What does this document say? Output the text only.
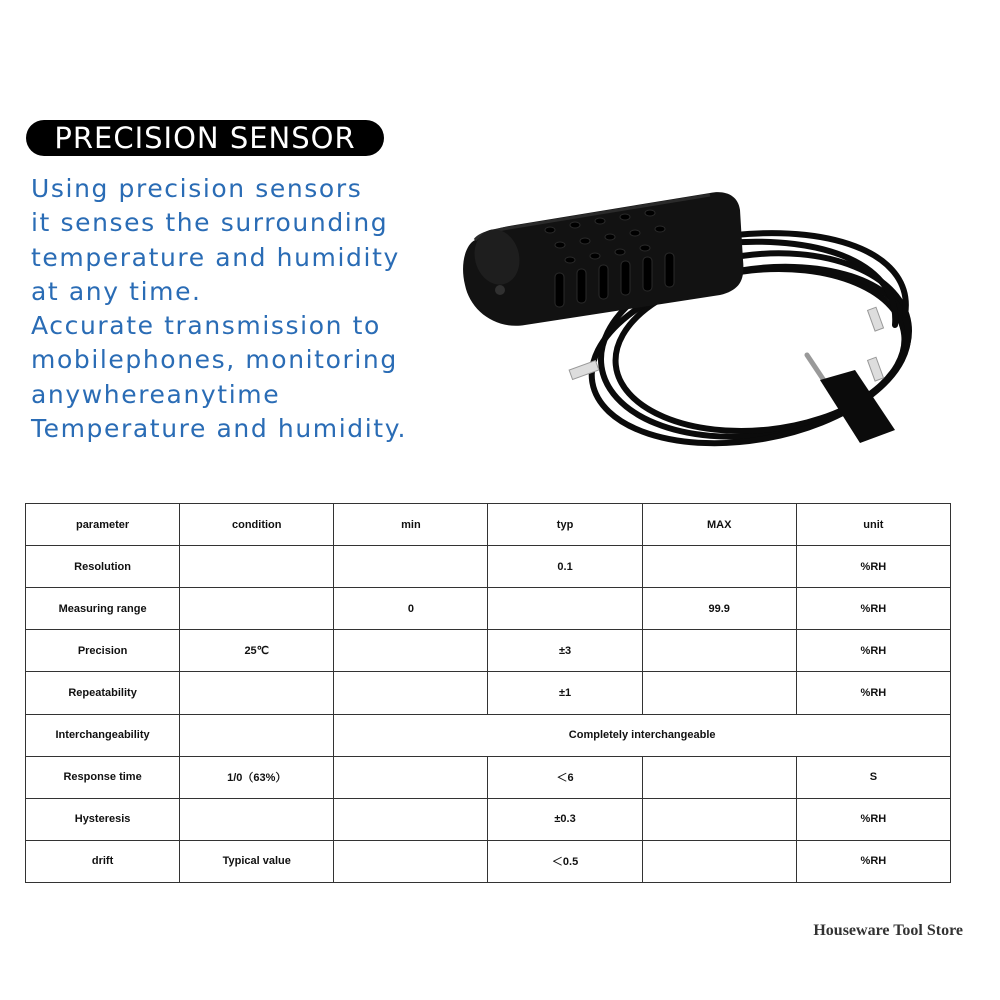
PRECISION SENSOR
Using precision sensors
it senses the surrounding
temperature and humidity
at any time.
Accurate transmission to
mobilephones, monitoring
anywhereanytime
Temperature and humidity.
parameter	condition	min	typ	MAX	unit
Resolution			0.1		%RH
Measuring range		0		99.9	%RH
Precision	25℃		±3		%RH
Repeatability			±1		%RH
Interchangeability		Completely interchangeable			
Response time	1/0（63%）		＜6		S
Hysteresis			±0.3		%RH
drift	Typical value		＜0.5		%RH
Houseware Tool Store
